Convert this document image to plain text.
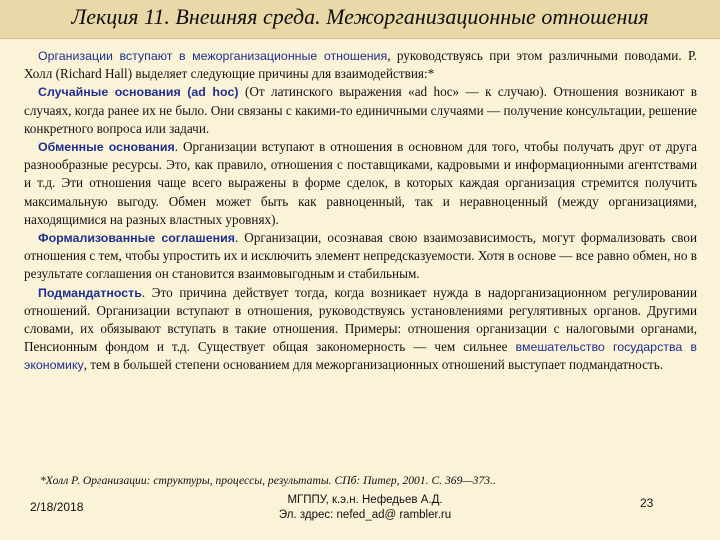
Лекция 11. Внешняя среда. Межорганизационные отношения

Организации вступают в межорганизационные отношения, руководствуясь при этом различными поводами. Р. Холл (Richard Hall) выделяет следующие причины для взаимодействия:*

Случайные основания (ad hoc) (От латинского выражения «ad hoc» — к случаю). Отношения возникают в случаях, когда ранее их не было. Они связаны с какими-то единичными случаями — получение консультации, решение конкретного вопроса или задачи.

Обменные основания. Организации вступают в отношения в основном для того, чтобы получать друг от друга разнообразные ресурсы. Это, как правило, отношения с поставщиками, кадровыми и информационными агентствами и т.д. Эти отношения чаще всего выражены в форме сделок, в которых каждая организация стремится получить максимальную выгоду. Обмен может быть как равноценный, так и неравноценный (между организациями, находящимися на разных властных уровнях).

Формализованные соглашения. Организации, осознавая свою взаимозависимость, могут формализовать свои отношения с тем, чтобы упростить их и исключить элемент непредсказуемости. Хотя в основе — все равно обмен, но в результате соглашения он становится взаимовыгодным и стабильным.

Подмандатность. Это причина действует тогда, когда возникает нужда в надорганизационном регулировании отношений. Организации вступают в отношения, руководствуясь установлениями регулятивных органов. Другими словами, их обязывают вступать в такие отношения. Примеры: отношения организации с налоговыми органами, Пенсионным фондом и т.д. Существует общая закономерность — чем сильнее вмешательство государства в экономику, тем в большей степени основанием для межорганизационных отношений выступает подмандатность.

*Холл Р. Организации: структуры, процессы, результаты. СПб: Питер, 2001. С. 369—373..
2/18/2018	МГППУ, к.э.н. Нефедьев А.Д.
Эл. здрес: nefed_ad@ rambler.ru
23
